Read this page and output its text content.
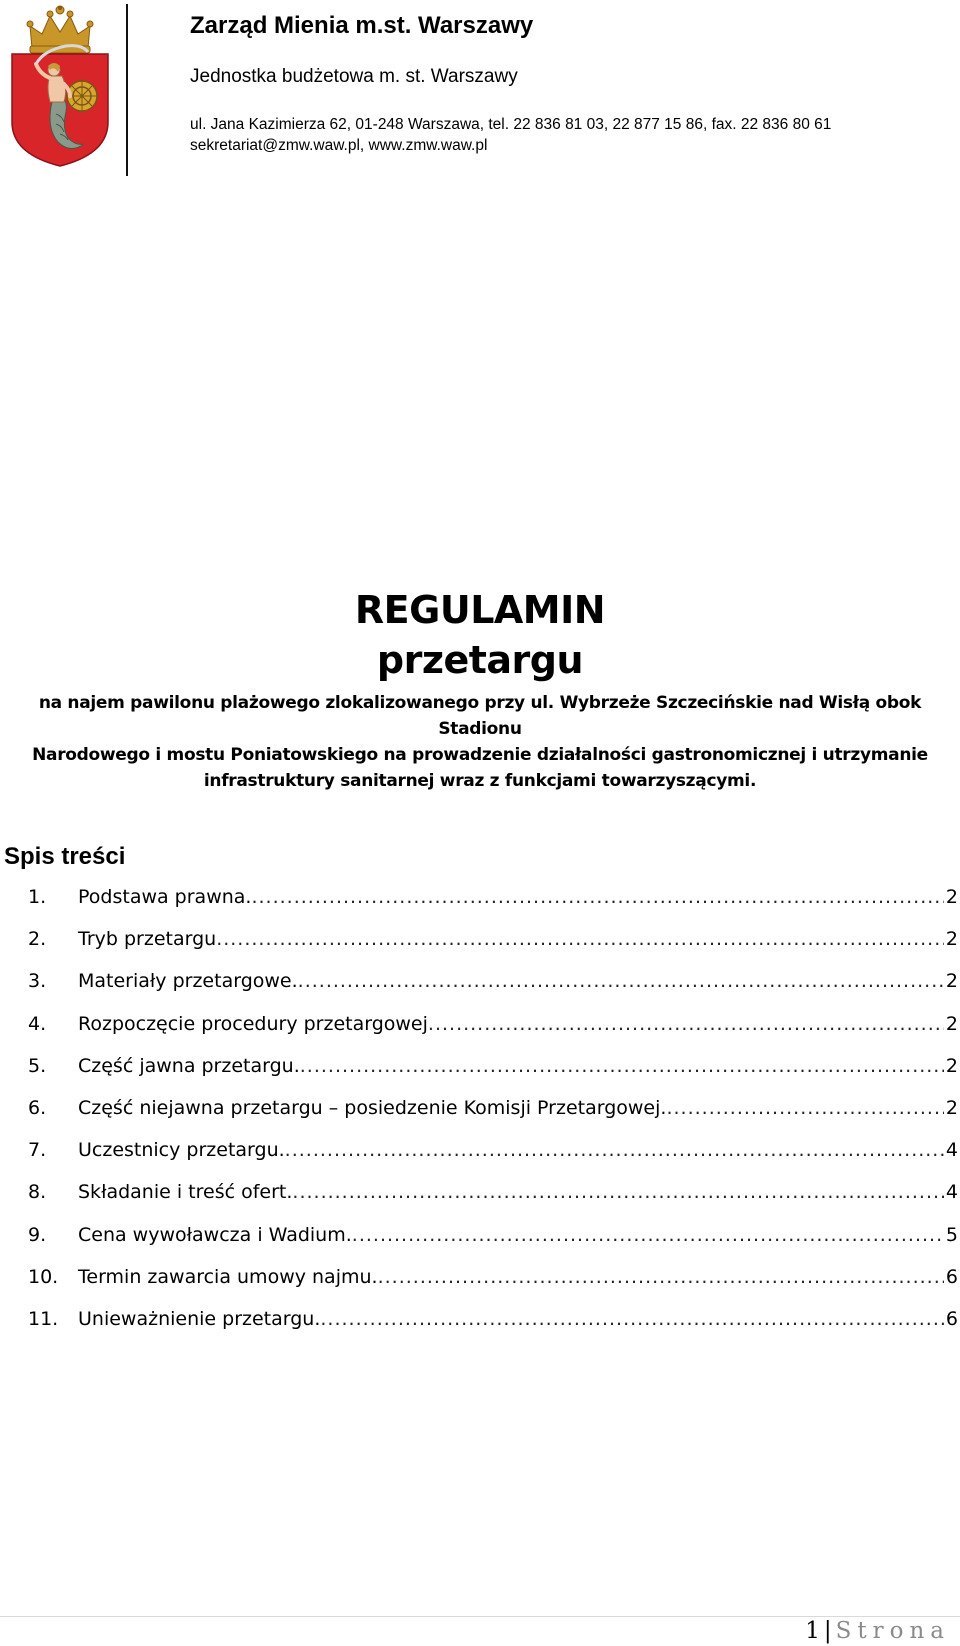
Zarząd Mienia m.st. Warszawy
Jednostka budżetowa m. st. Warszawy
ul. Jana Kazimierza 62, 01-248 Warszawa, tel. 22 836 81 03, 22 877 15 86, fax. 22 836 80 61
sekretariat@zmw.waw.pl, www.zmw.waw.pl
REGULAMIN
przetargu
na najem pawilonu plażowego zlokalizowanego przy ul. Wybrzeże Szczecińskie nad Wisłą obok Stadionu
Narodowego i mostu Poniatowskiego na prowadzenie działalności gastronomicznej i utrzymanie
infrastruktury sanitarnej wraz z funkcjami towarzyszącymi.
Spis treści
1. Podstawa prawna. .....	2
2. Tryb przetargu .....	2
3. Materiały przetargowe. .....	2
4. Rozpoczęcie procedury przetargowej .....	2
5. Część jawna przetargu. .....	2
6. Część niejawna przetargu – posiedzenie Komisji Przetargowej. .....	2
7. Uczestnicy przetargu. .....	4
8. Składanie i treść ofert. .....	4
9. Cena wywoławcza i Wadium. .....	5
10. Termin zawarcia umowy najmu. .....	6
11. Unieważnienie przetargu. .....	6
1 | Strona
